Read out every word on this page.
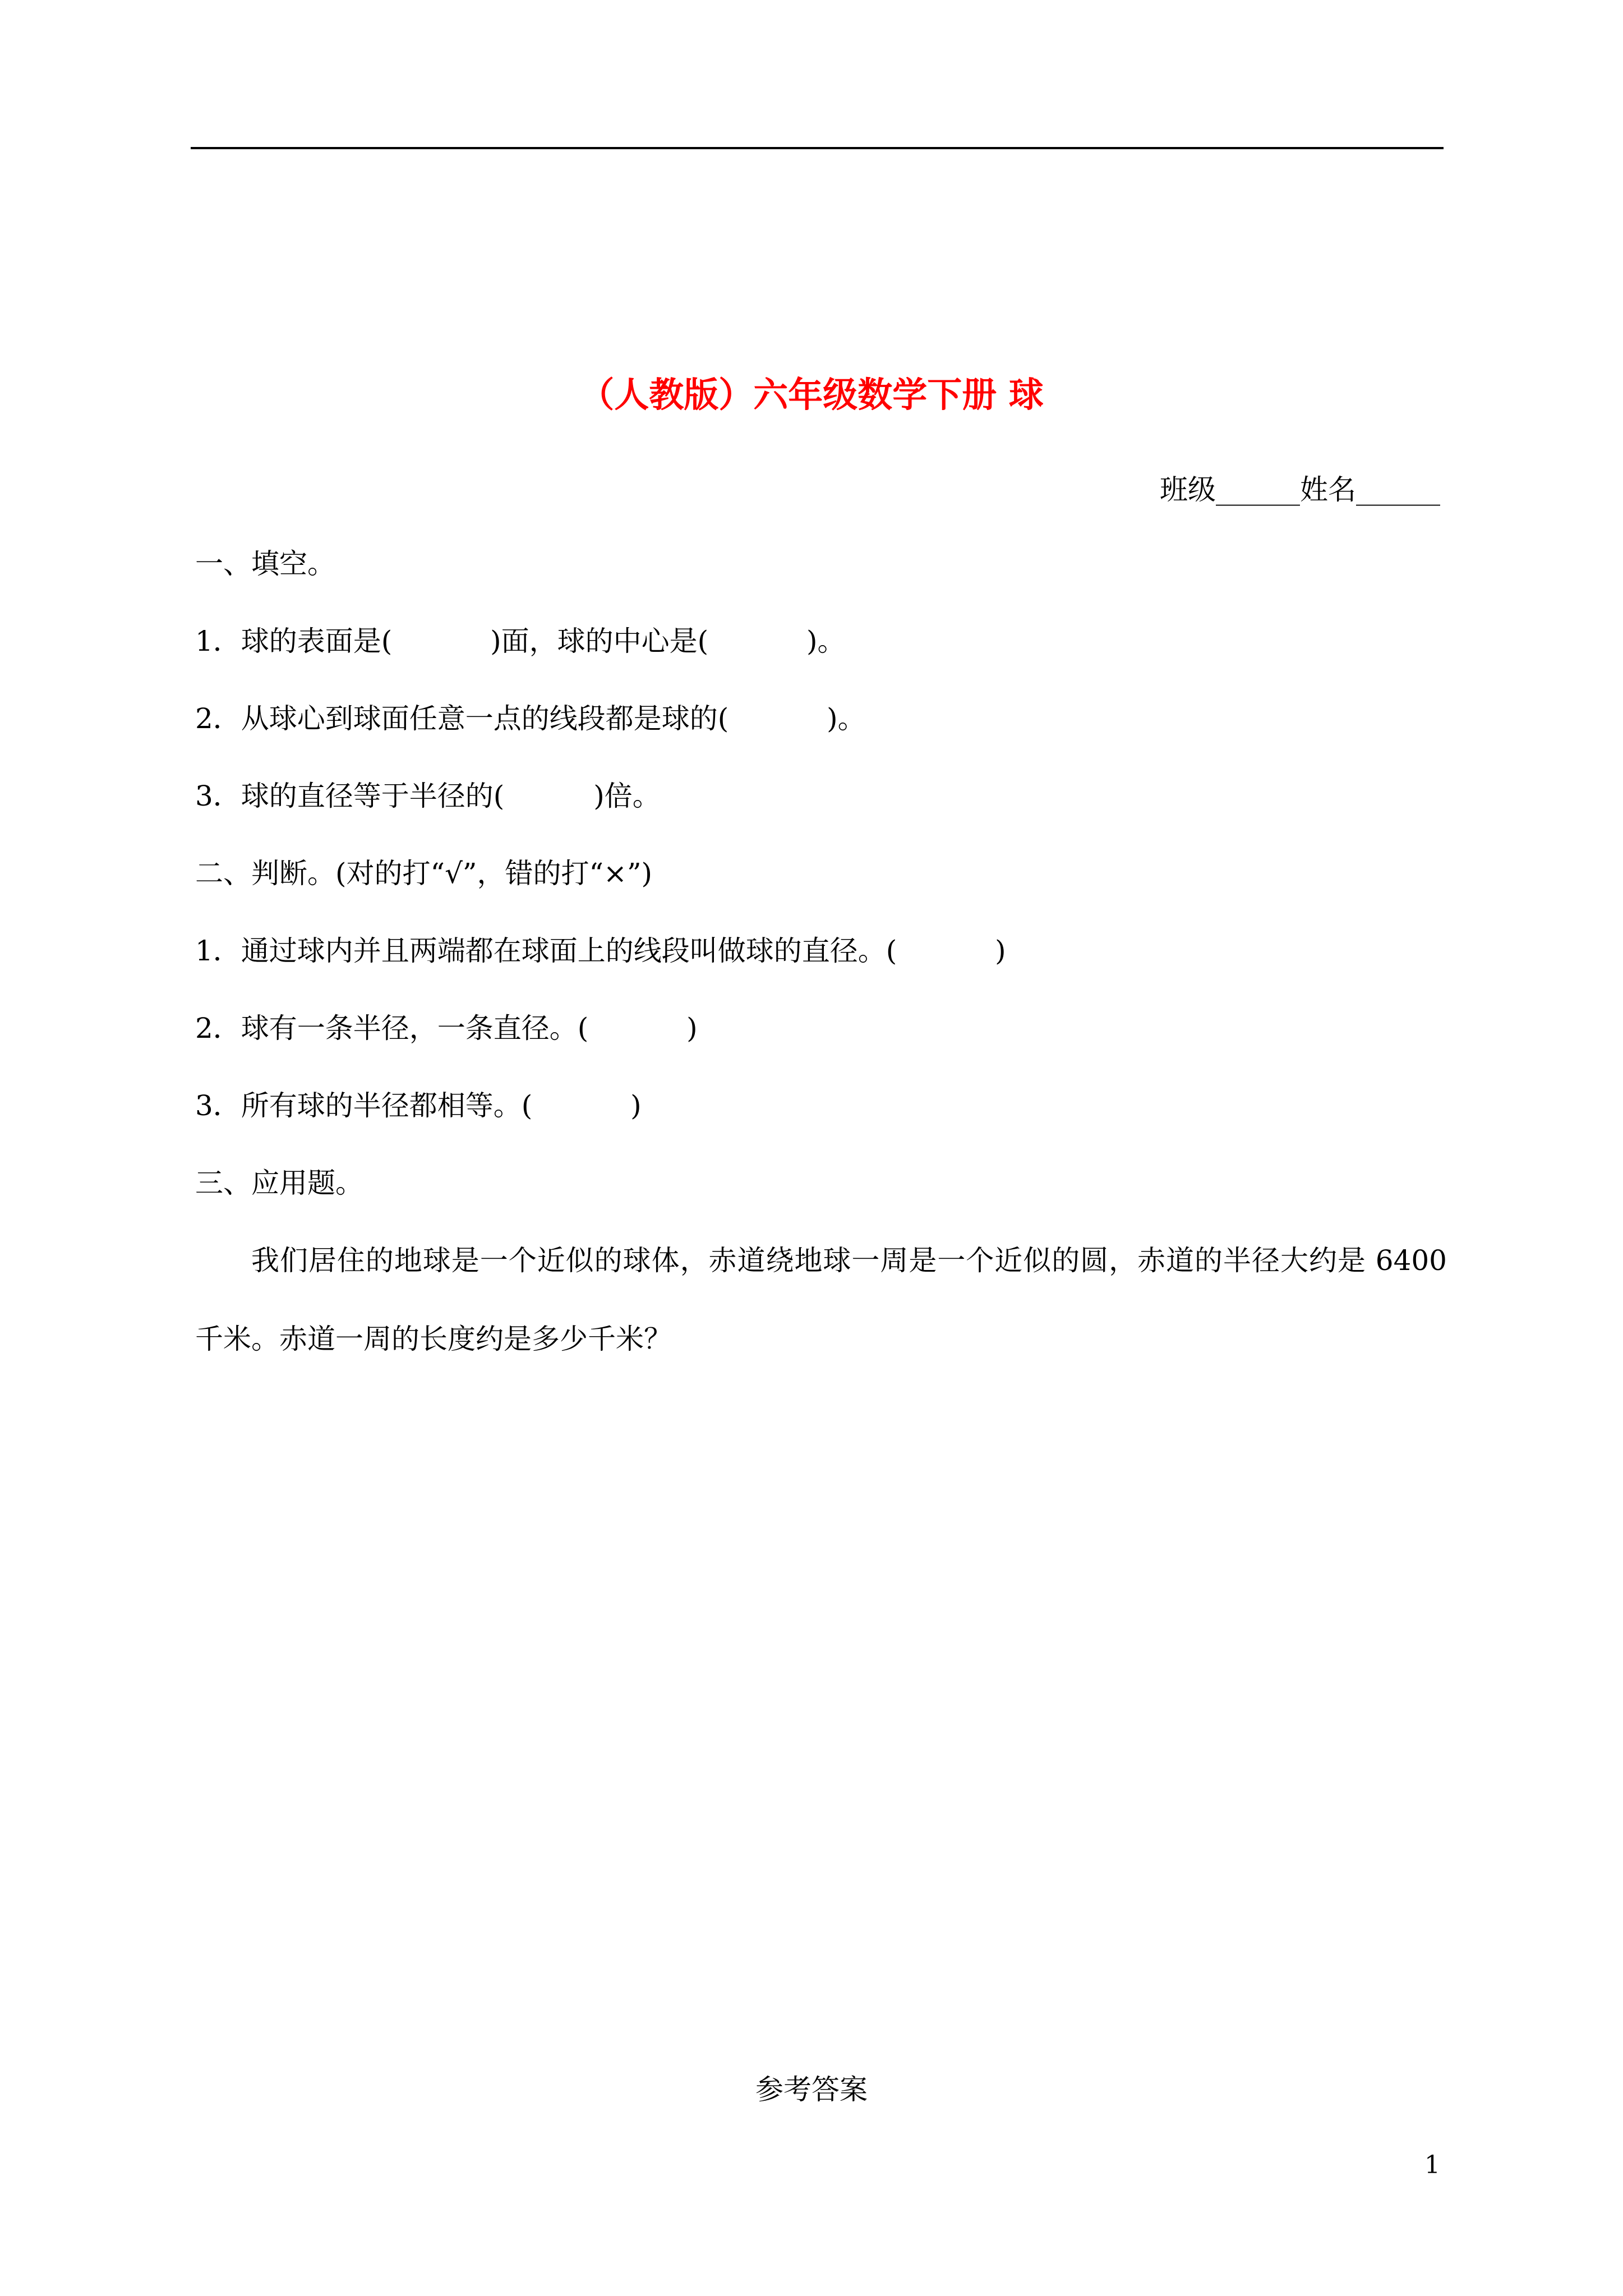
（人教版）六年级数学下册 球
班级______姓名______
一、填空。
1．球的表面是(           )面，球的中心是(           )。
2．从球心到球面任意一点的线段都是球的(           )。
3．球的直径等于半径的(          )倍。
二、判断。(对的打“√”，错的打“×”)
1．通过球内并且两端都在球面上的线段叫做球的直径。(           )
2．球有一条半径，一条直径。(           )
3．所有球的半径都相等。(           )
三、应用题。
我们居住的地球是一个近似的球体，赤道绕地球一周是一个近似的圆，赤道的半径大约是 6400 千米。赤道一周的长度约是多少千米？
参考答案
1
